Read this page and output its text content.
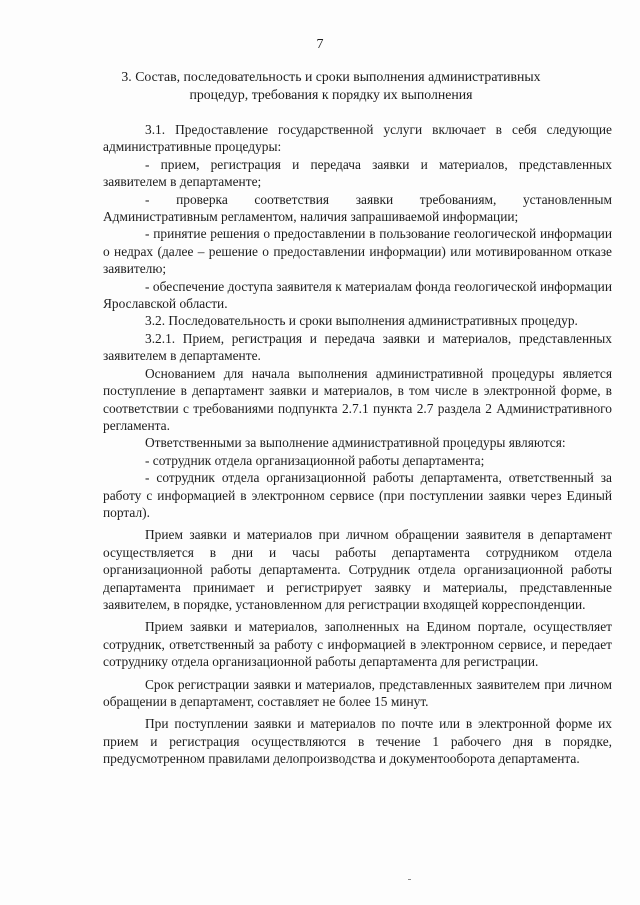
7
3. Состав, последовательность и сроки выполнения административных процедур, требования к порядку их выполнения

3.1. Предоставление государственной услуги включает в себя следующие административные процедуры:

- прием, регистрация и передача заявки и материалов, представленных заявителем в департаменте;

- проверка соответствия заявки требованиям, установленным Административным регламентом, наличия запрашиваемой информации;

- принятие решения о предоставлении в пользование геологической информации о недрах (далее – решение о предоставлении информации) или мотивированном отказе заявителю;

- обеспечение доступа заявителя к материалам фонда геологической информации Ярославской области.

3.2. Последовательность и сроки выполнения административных процедур.

3.2.1. Прием, регистрация и передача заявки и материалов, представленных заявителем в департаменте.

Основанием для начала выполнения административной процедуры является поступление в департамент заявки и материалов, в том числе в электронной форме, в соответствии с требованиями подпункта 2.7.1 пункта 2.7 раздела 2 Административного регламента.

Ответственными за выполнение административной процедуры являются:

- сотрудник отдела организационной работы департамента;

- сотрудник отдела организационной работы департамента, ответственный за работу с информацией в электронном сервисе (при поступлении заявки через Единый портал).

Прием заявки и материалов при личном обращении заявителя в департамент осуществляется в дни и часы работы департамента сотрудником отдела организационной работы департамента. Сотрудник отдела организационной работы департамента принимает и регистрирует заявку и материалы, представленные заявителем, в порядке, установленном для регистрации входящей корреспонденции.

Прием заявки и материалов, заполненных на Едином портале, осуществляет сотрудник, ответственный за работу с информацией в электронном сервисе, и передает сотруднику отдела организационной работы департамента для регистрации.

Срок регистрации заявки и материалов, представленных заявителем при личном обращении в департамент, составляет не более 15 минут.

При поступлении заявки и материалов по почте или в электронной форме их прием и регистрация осуществляются в течение 1 рабочего дня в порядке, предусмотренном правилами делопроизводства и документооборота департамента.
